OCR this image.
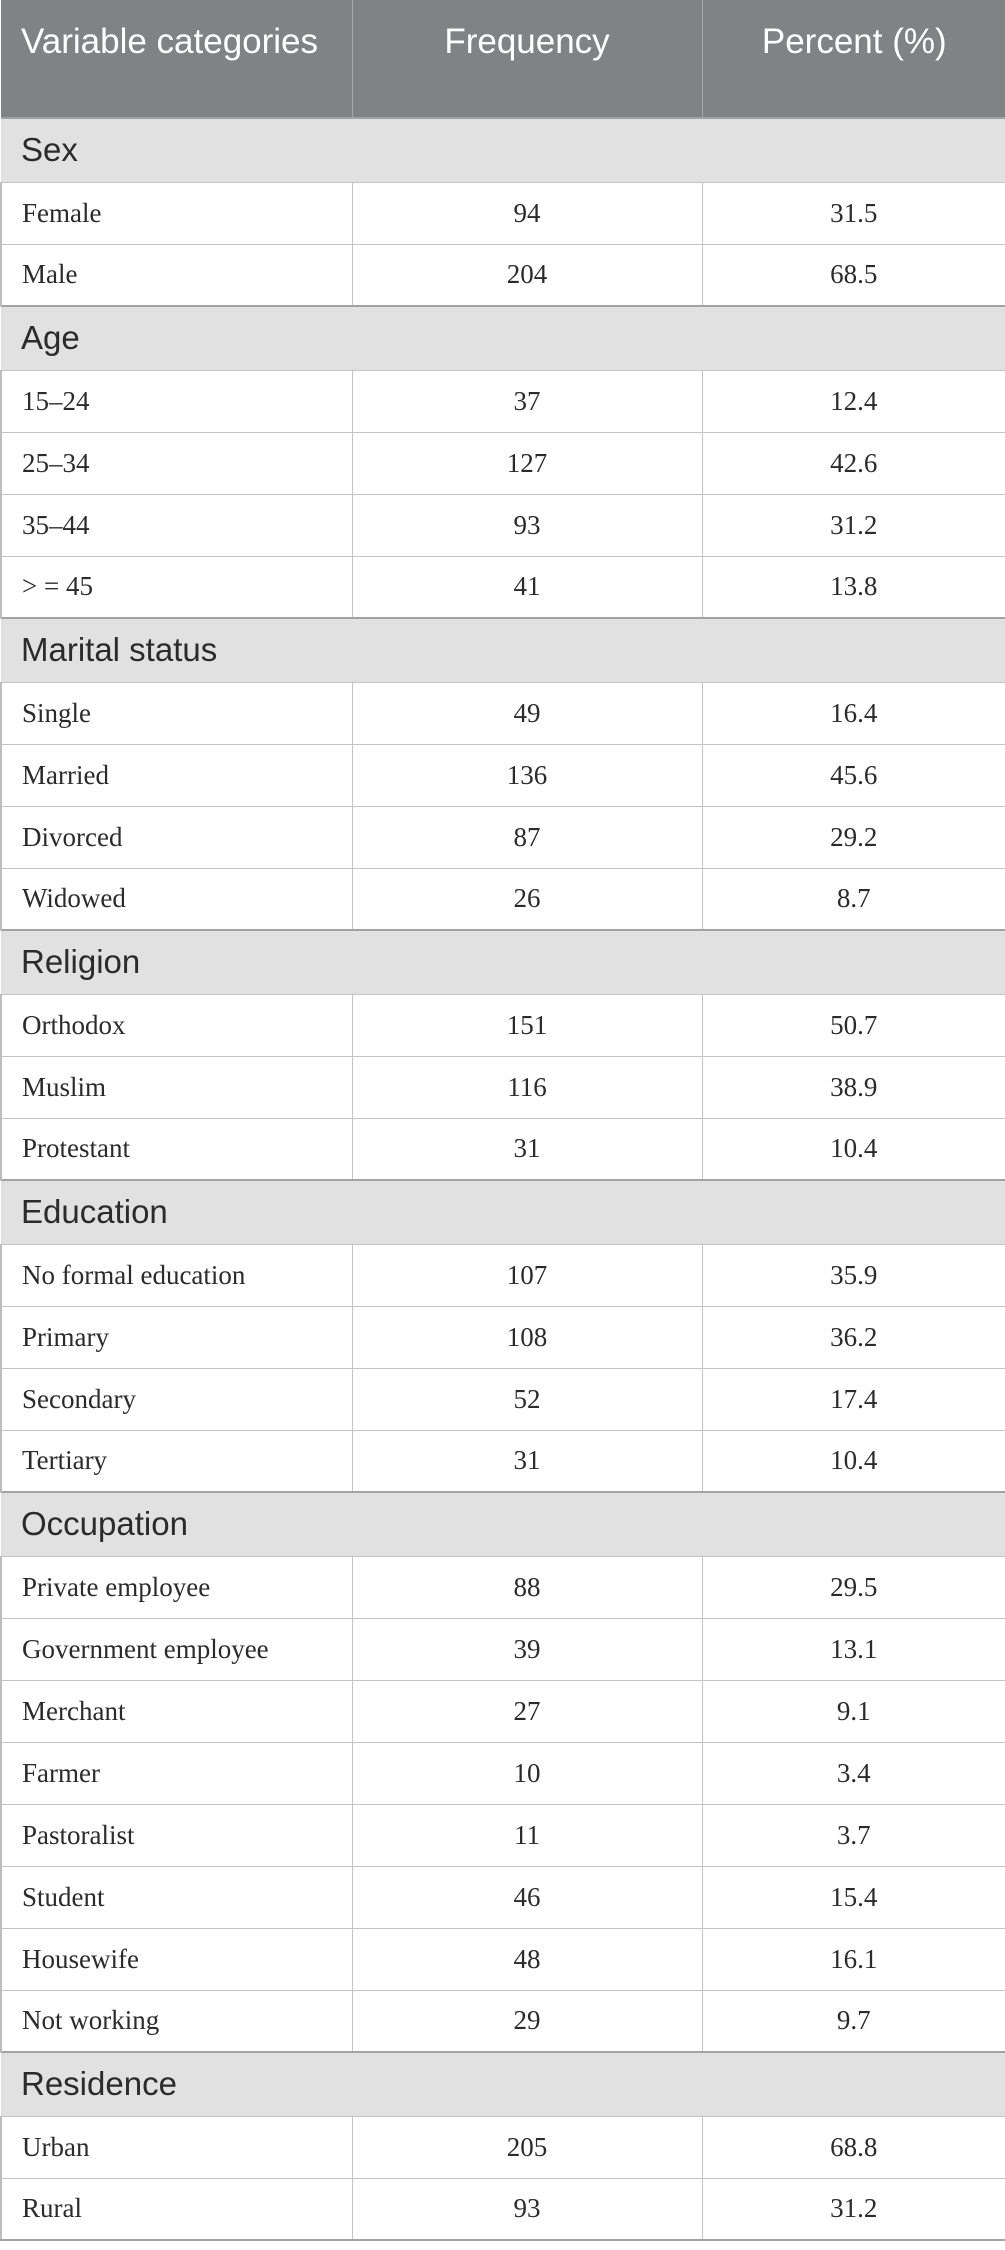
Variable categories	Frequency	Percent (%)
Sex		
Female	94	31.5
Male	204	68.5
Age		
15–24	37	12.4
25–34	127	42.6
35–44	93	31.2
> = 45	41	13.8
Marital status		
Single	49	16.4
Married	136	45.6
Divorced	87	29.2
Widowed	26	8.7
Religion		
Orthodox	151	50.7
Muslim	116	38.9
Protestant	31	10.4
Education		
No formal education	107	35.9
Primary	108	36.2
Secondary	52	17.4
Tertiary	31	10.4
Occupation		
Private employee	88	29.5
Government employee	39	13.1
Merchant	27	9.1
Farmer	10	3.4
Pastoralist	11	3.7
Student	46	15.4
Housewife	48	16.1
Not working	29	9.7
Residence		
Urban	205	68.8
Rural	93	31.2
